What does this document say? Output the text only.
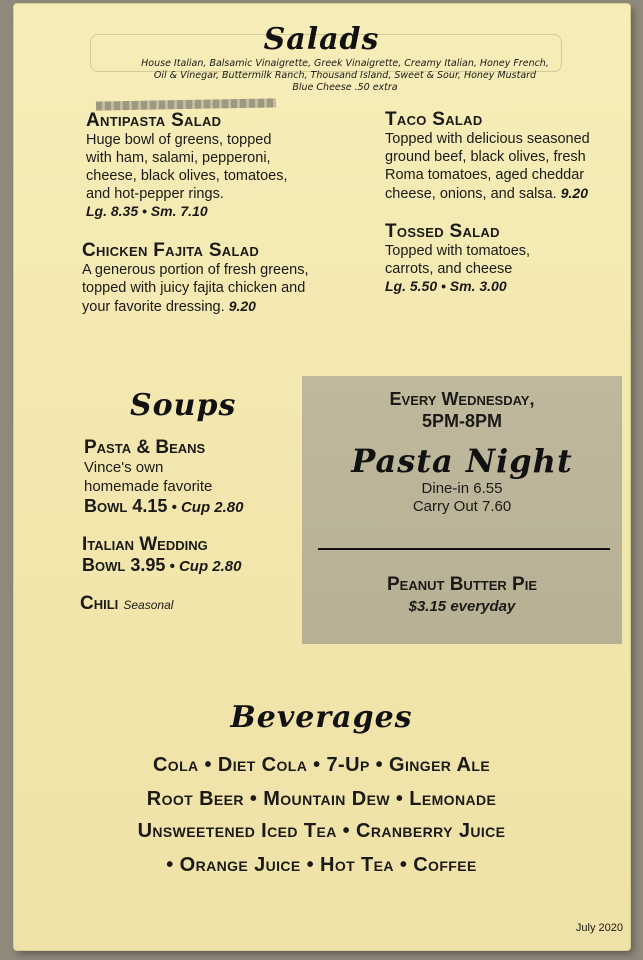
Salads
House Italian, Balsamic Vinaigrette, Greek Vinaigrette, Creamy Italian, Honey French,
Oil & Vinegar, Buttermilk Ranch, Thousand Island, Sweet & Sour, Honey Mustard
Blue Cheese .50 extra
Antipasta Salad
Huge bowl of greens, topped
with ham, salami, pepperoni,
cheese, black olives, tomatoes,
and hot-pepper rings.
Lg. 8.35 • Sm. 7.10
Chicken Fajita Salad
A generous portion of fresh greens,
topped with juicy fajita chicken and
your favorite dressing. 9.20
Taco Salad
Topped with delicious seasoned
ground beef, black olives, fresh
Roma tomatoes, aged cheddar
cheese, onions, and salsa. 9.20
Tossed Salad
Topped with tomatoes,
carrots, and cheese
Lg. 5.50 • Sm. 3.00
Soups
Pasta & Beans
Vince's own
homemade favorite
Bowl 4.15 • Cup 2.80
Italian Wedding
Bowl 3.95 • Cup 2.80
Chili Seasonal
Every Wednesday,
5PM-8PM
Pasta Night
Dine-in 6.55
Carry Out 7.60
Peanut Butter Pie
$3.15 everyday
Beverages
Cola • Diet Cola • 7-Up • Ginger Ale
Root Beer • Mountain Dew • Lemonade
Unsweetened Iced Tea • Cranberry Juice
• Orange Juice • Hot Tea • Coffee
July 2020
